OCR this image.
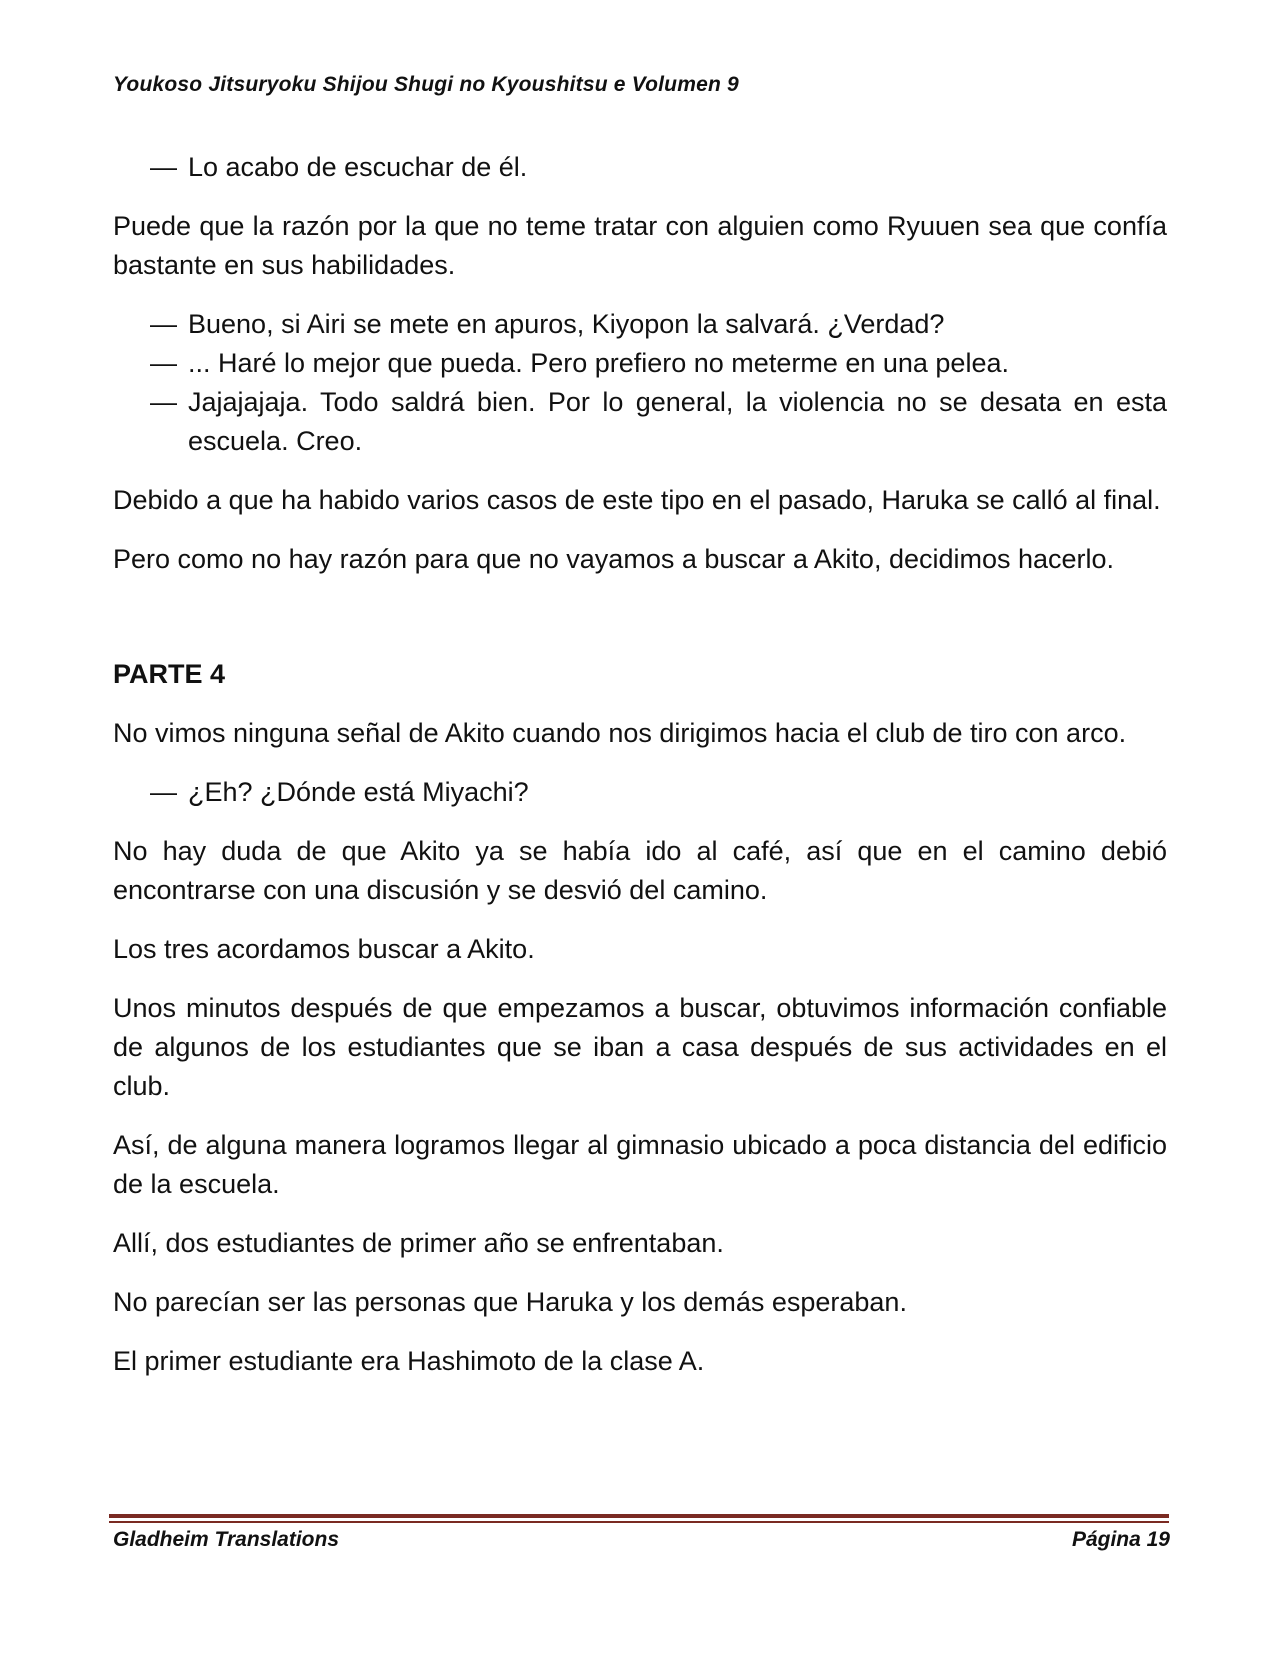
Youkoso Jitsuryoku Shijou Shugi no Kyoushitsu e Volumen 9
— Lo acabo de escuchar de él.
Puede que la razón por la que no teme tratar con alguien como Ryuuen sea que confía bastante en sus habilidades.
— Bueno, si Airi se mete en apuros, Kiyopon la salvará. ¿Verdad?
— ... Haré lo mejor que pueda. Pero prefiero no meterme en una pelea.
— Jajajajaja. Todo saldrá bien. Por lo general, la violencia no se desata en esta escuela. Creo.
Debido a que ha habido varios casos de este tipo en el pasado, Haruka se calló al final.
Pero como no hay razón para que no vayamos a buscar a Akito, decidimos hacerlo.
PARTE 4
No vimos ninguna señal de Akito cuando nos dirigimos hacia el club de tiro con arco.
— ¿Eh? ¿Dónde está Miyachi?
No hay duda de que Akito ya se había ido al café, así que en el camino debió encontrarse con una discusión y se desvió del camino.
Los tres acordamos buscar a Akito.
Unos minutos después de que empezamos a buscar, obtuvimos información confiable de algunos de los estudiantes que se iban a casa después de sus actividades en el club.
Así, de alguna manera logramos llegar al gimnasio ubicado a poca distancia del edificio de la escuela.
Allí, dos estudiantes de primer año se enfrentaban.
No parecían ser las personas que Haruka y los demás esperaban.
El primer estudiante era Hashimoto de la clase A.
Gladheim Translations	Página 19
